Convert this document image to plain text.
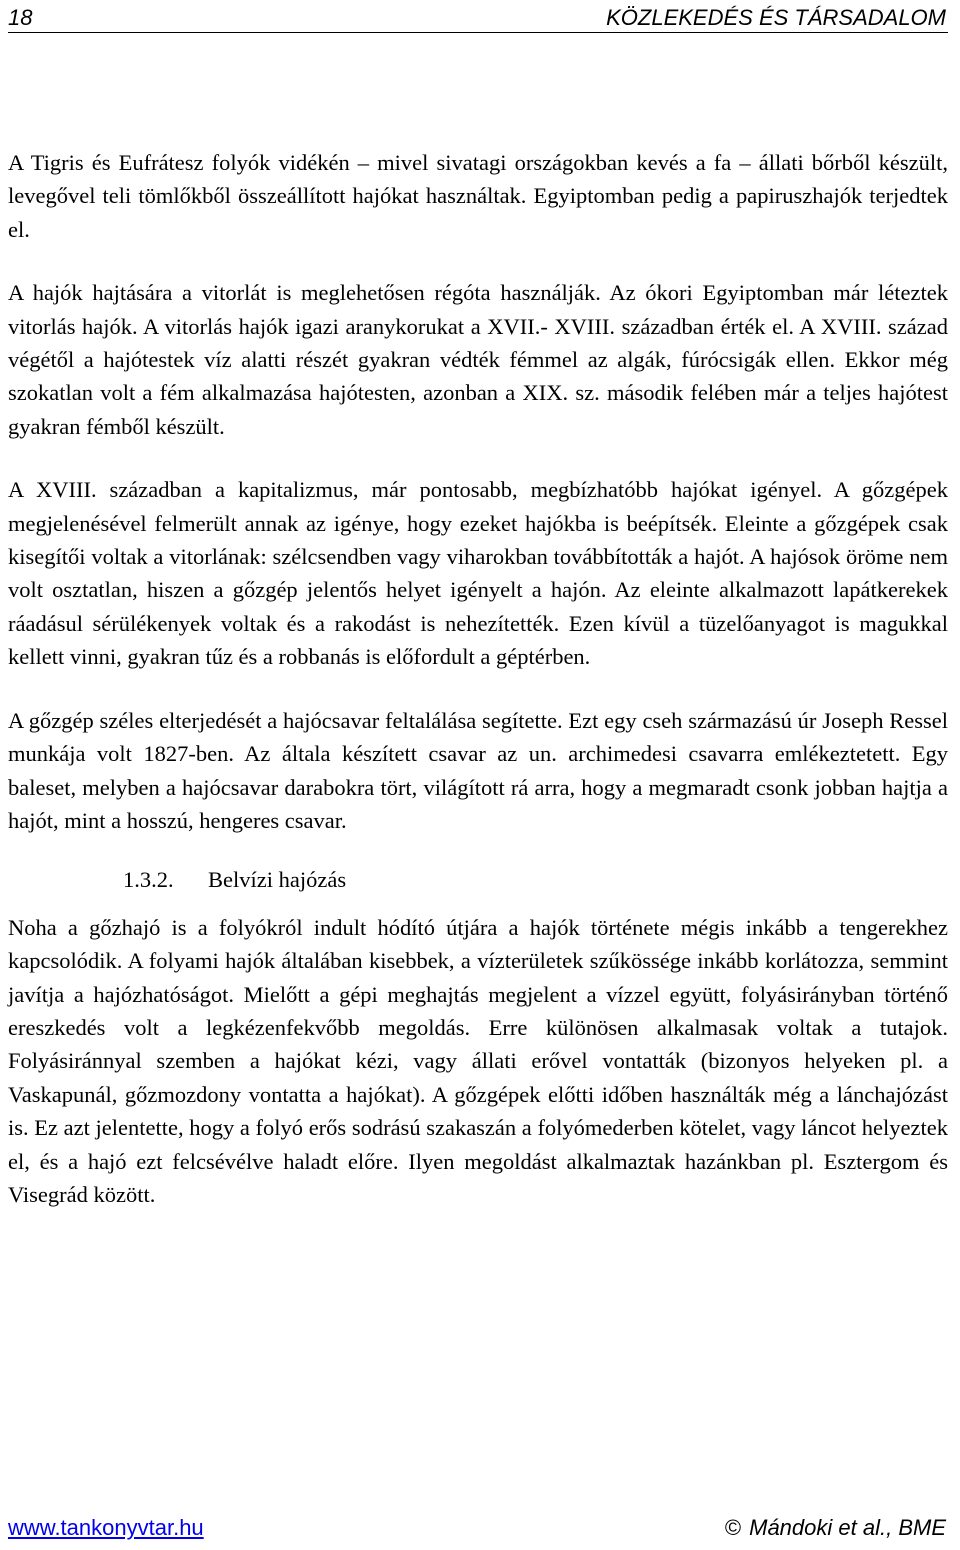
18	KÖZLEKEDÉS ÉS TÁRSADALOM

A Tigris és Eufrátesz folyók vidékén – mivel sivatagi országokban kevés a fa – állati bőrből készült, levegővel teli tömlőkből összeállított hajókat használtak. Egyiptomban pedig a papiruszhajók terjedtek el.

A hajók hajtására a vitorlát is meglehetősen régóta használják. Az ókori Egyiptomban már léteztek vitorlás hajók. A vitorlás hajók igazi aranykorukat a XVII.- XVIII. században érték el. A XVIII. század végétől a hajótestek víz alatti részét gyakran védték fémmel az algák, fúrócsigák ellen. Ekkor még szokatlan volt a fém alkalmazása hajótesten, azonban a XIX. sz. második felében már a teljes hajótest gyakran fémből készült.

A XVIII. században a kapitalizmus, már pontosabb, megbízhatóbb hajókat igényel. A gőzgépek megjelenésével felmerült annak az igénye, hogy ezeket hajókba is beépítsék. Eleinte a gőzgépek csak kisegítői voltak a vitorlának: szélcsendben vagy viharokban továbbították a hajót. A hajósok öröme nem volt osztatlan, hiszen a gőzgép jelentős helyet igényelt a hajón. Az eleinte alkalmazott lapátkerekek ráadásul sérülékenyek voltak és a rakodást is nehezítették. Ezen kívül a tüzelőanyagot is magukkal kellett vinni, gyakran tűz és a robbanás is előfordult a géptérben.

A gőzgép széles elterjedését a hajócsavar feltalálása segítette. Ezt egy cseh származású úr Joseph Ressel munkája volt 1827-ben. Az általa készített csavar az un. archimedesi csavarra emlékeztetett. Egy baleset, melyben a hajócsavar darabokra tört, világított rá arra, hogy a megmaradt csonk jobban hajtja a hajót, mint a hosszú, hengeres csavar.

1.3.2. Belvízi hajózás

Noha a gőzhajó is a folyókról indult hódító útjára a hajók története mégis inkább a tengerekhez kapcsolódik. A folyami hajók általában kisebbek, a vízterületek szűkössége inkább korlátozza, semmint javítja a hajózhatóságot. Mielőtt a gépi meghajtás megjelent a vízzel együtt, folyásirányban történő ereszkedés volt a legkézenfekvőbb megoldás. Erre különösen alkalmasak voltak a tutajok. Folyásiránnyal szemben a hajókat kézi, vagy állati erővel vontatták (bizonyos helyeken pl. a Vaskapunál, gőzmozdony vontatta a hajókat). A gőzgépek előtti időben használták még a lánchajózást is. Ez azt jelentette, hogy a folyó erős sodrású szakaszán a folyómederben kötelet, vagy láncot helyeztek el, és a hajó ezt felcsévélve haladt előre. Ilyen megoldást alkalmaztak hazánkban pl. Esztergom és Visegrád között.

www.tankonyvtar.hu	© Mándoki et al., BME
